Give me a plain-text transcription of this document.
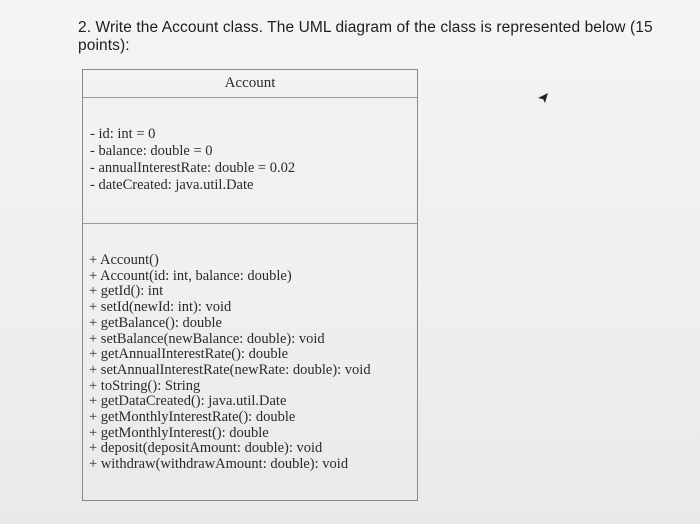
2. Write the Account class. The UML diagram of the class is represented below (15 points):
Account
- id: int = 0
- balance: double = 0
- annualInterestRate: double = 0.02
- dateCreated: java.util.Date
+ Account()
+ Account(id: int, balance: double)
+ getId(): int
+ setId(newId: int): void
+ getBalance(): double
+ setBalance(newBalance: double): void
+ getAnnualInterestRate(): double
+ setAnnualInterestRate(newRate: double): void
+ toString(): String
+ getDataCreated(): java.util.Date
+ getMonthlyInterestRate(): double
+ getMonthlyInterest(): double
+ deposit(depositAmount: double): void
+ withdraw(withdrawAmount: double): void
